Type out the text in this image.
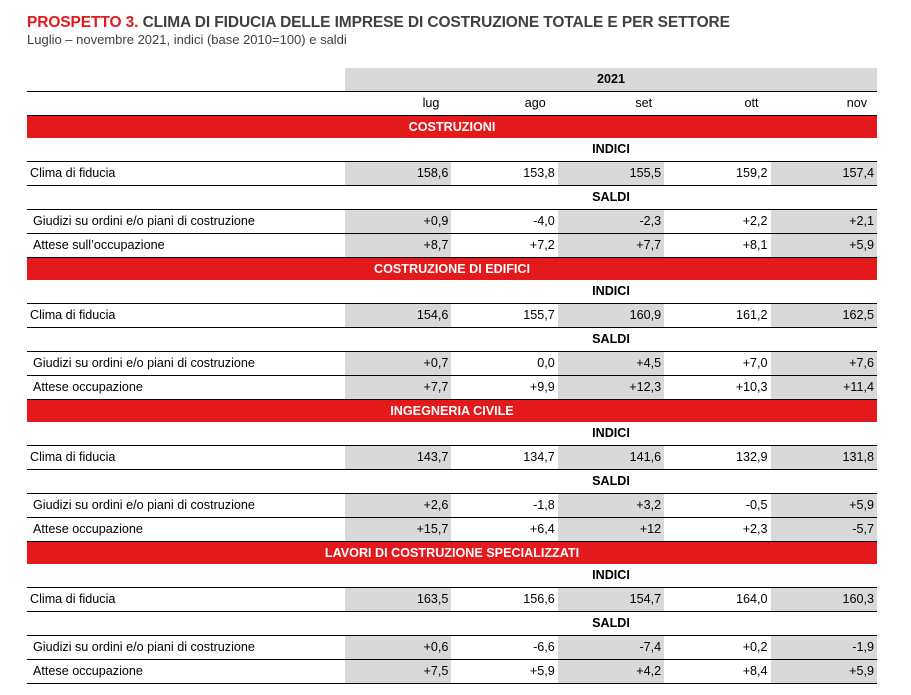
PROSPETTO 3. CLIMA DI FIDUCIA DELLE IMPRESE DI COSTRUZIONE TOTALE E PER SETTORE
Luglio – novembre 2021, indici (base 2010=100) e saldi
	2021				
	lug	ago	set	ott	nov
COSTRUZIONI					
	INDICI				
Clima di fiducia	158,6	153,8	155,5	159,2	157,4
	SALDI				
Giudizi su ordini e/o piani di costruzione	+0,9	-4,0	-2,3	+2,2	+2,1
Attese sull’occupazione	+8,7	+7,2	+7,7	+8,1	+5,9
COSTRUZIONE DI EDIFICI					
	INDICI				
Clima di fiducia	154,6	155,7	160,9	161,2	162,5
	SALDI				
Giudizi su ordini e/o piani di costruzione	+0,7	0,0	+4,5	+7,0	+7,6
Attese occupazione	+7,7	+9,9	+12,3	+10,3	+11,4
INGEGNERIA CIVILE					
	INDICI				
Clima di fiducia	143,7	134,7	141,6	132,9	131,8
	SALDI				
Giudizi su ordini e/o piani di costruzione	+2,6	-1,8	+3,2	-0,5	+5,9
Attese occupazione	+15,7	+6,4	+12	+2,3	-5,7
LAVORI DI COSTRUZIONE SPECIALIZZATI					
	INDICI				
Clima di fiducia	163,5	156,6	154,7	164,0	160,3
	SALDI				
Giudizi su ordini e/o piani di costruzione	+0,6	-6,6	-7,4	+0,2	-1,9
Attese occupazione	+7,5	+5,9	+4,2	+8,4	+5,9
